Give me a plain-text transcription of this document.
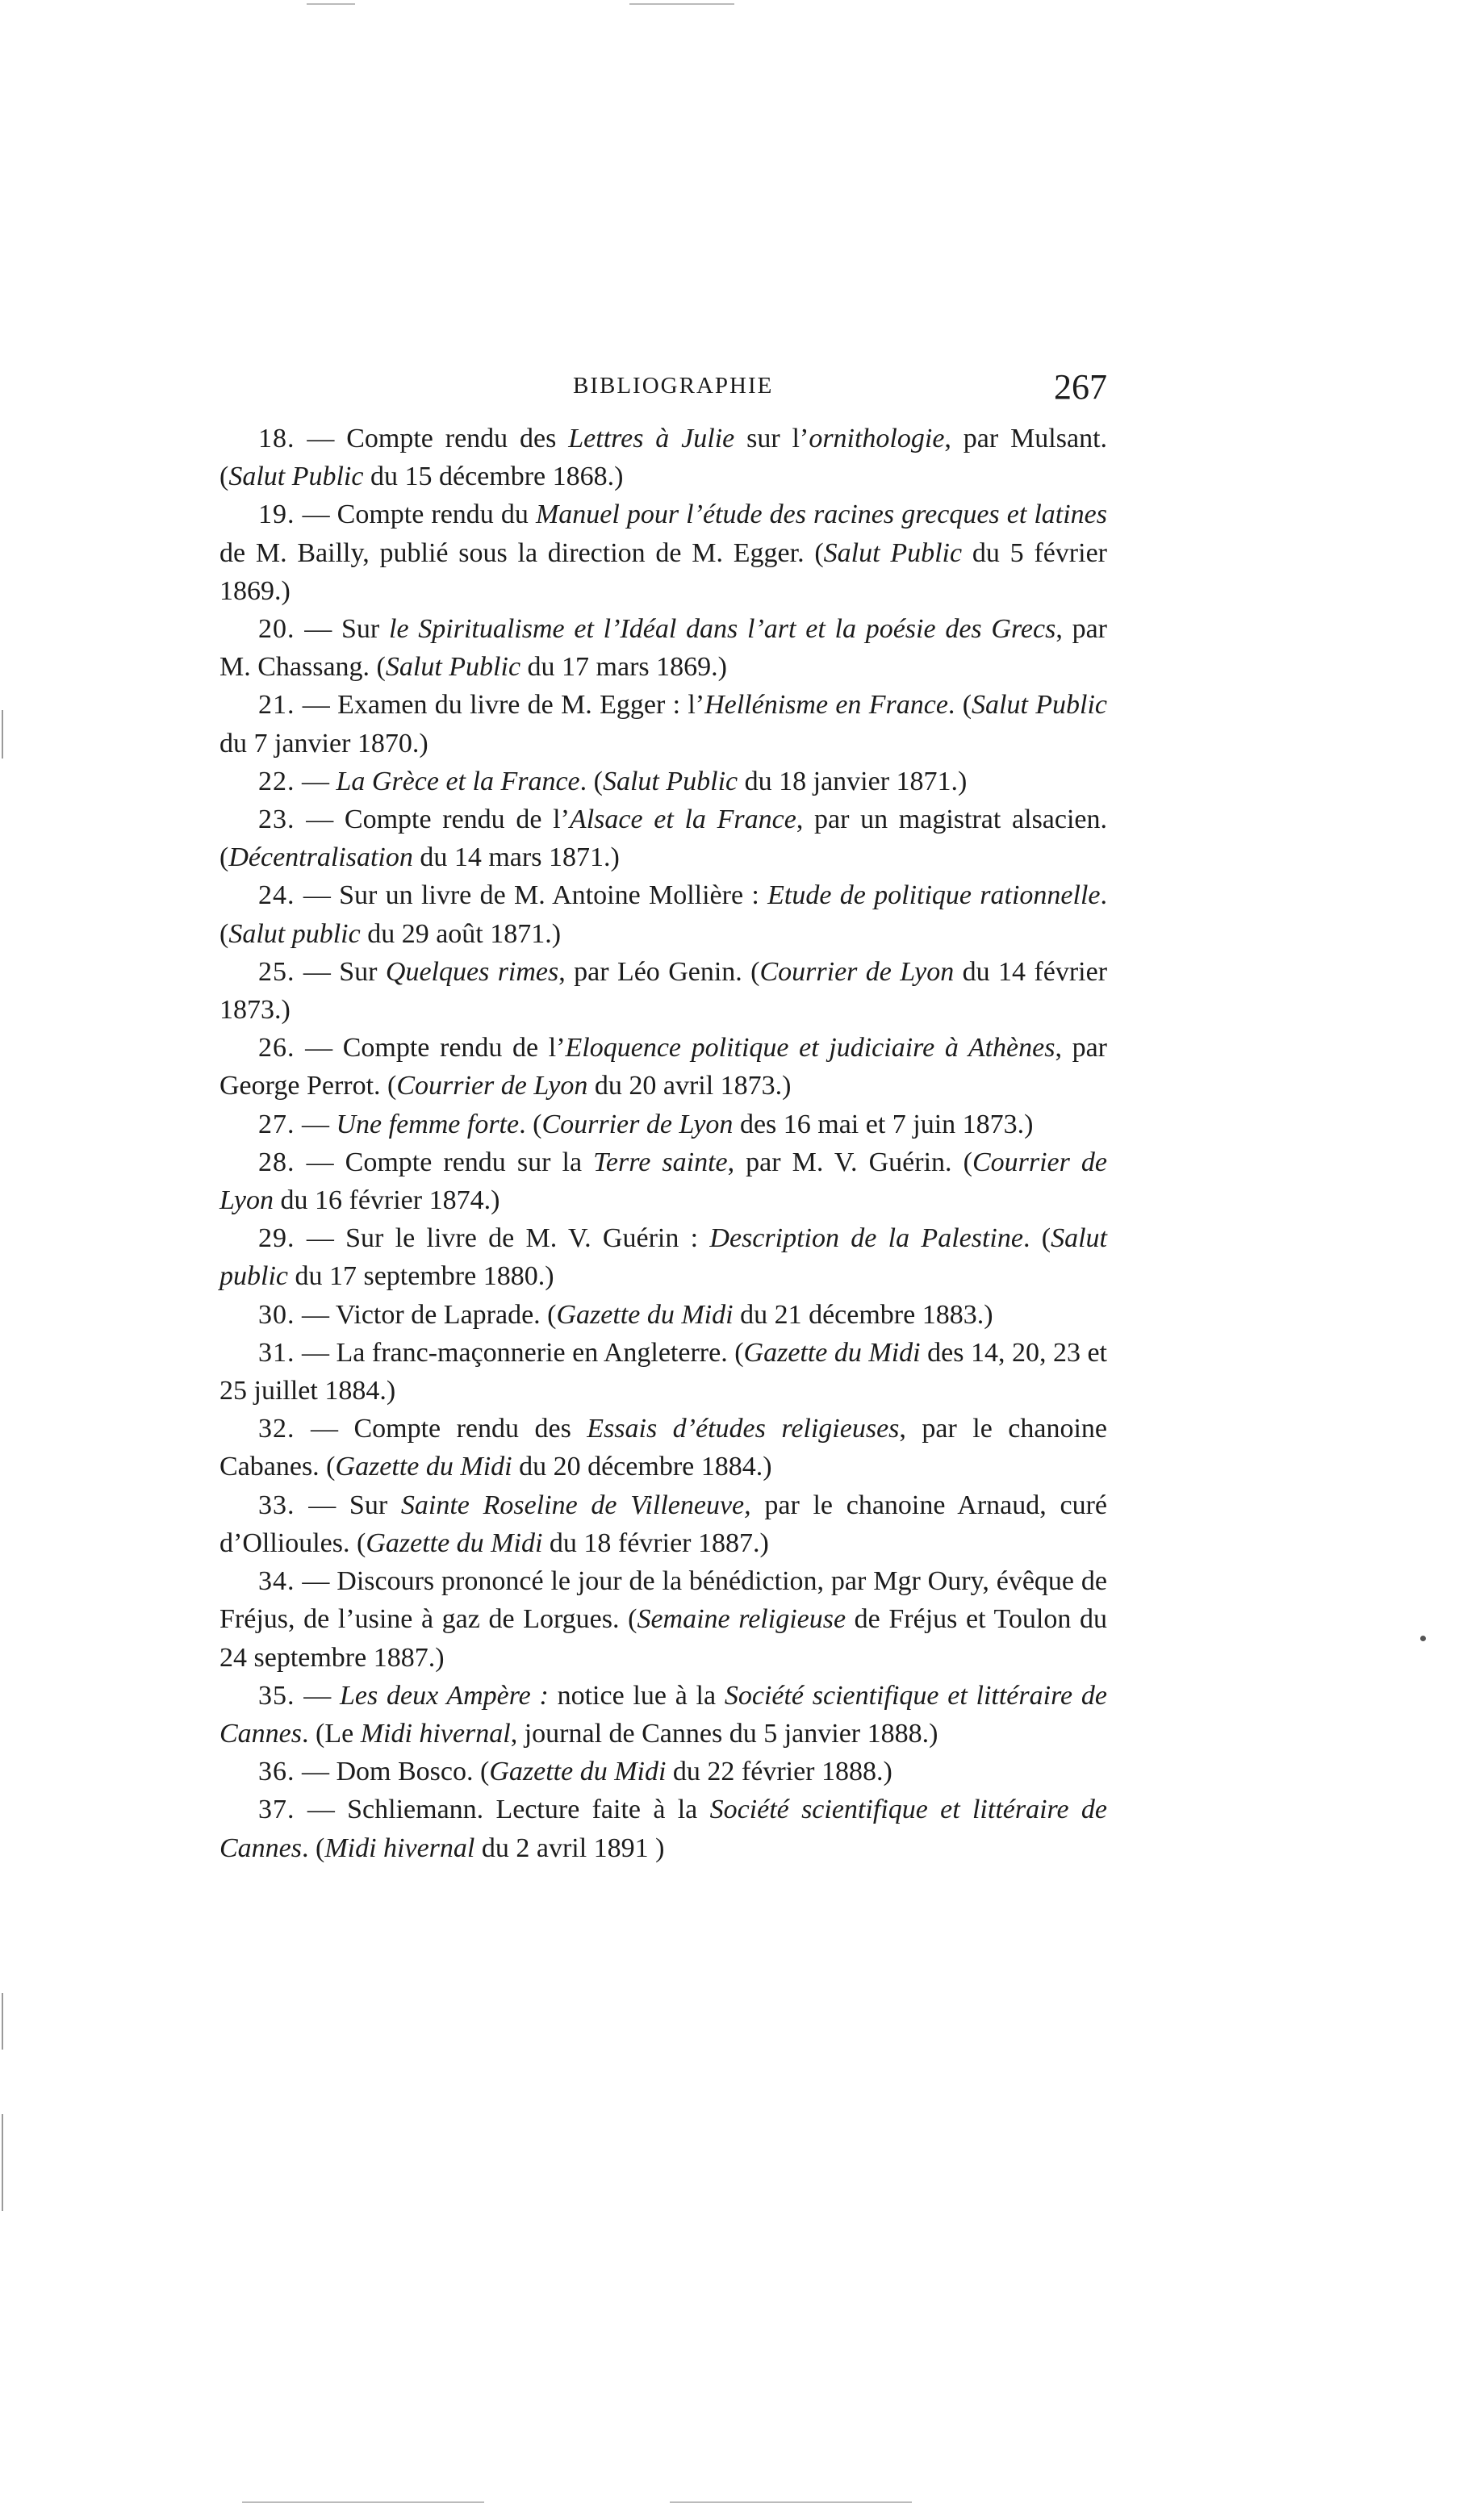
BIBLIOGRAPHIE	267

18. — Compte rendu des Lettres à Julie sur l’ornithologie, par Mulsant. (Salut Public du 15 décembre 1868.)

19. — Compte rendu du Manuel pour l’étude des racines grecques et latines de M. Bailly, publié sous la direction de M. Egger. (Salut Public du 5 février 1869.)

20. — Sur le Spiritualisme et l’Idéal dans l’art et la poésie des Grecs, par M. Chassang. (Salut Public du 17 mars 1869.)

21. — Examen du livre de M. Egger : l’Hellénisme en France. (Salut Public du 7 janvier 1870.)

22. — La Grèce et la France. (Salut Public du 18 janvier 1871.)

23. — Compte rendu de l’Alsace et la France, par un magistrat alsacien. (Décentralisation du 14 mars 1871.)

24. — Sur un livre de M. Antoine Mollière : Etude de politique rationnelle. (Salut public du 29 août 1871.)

25. — Sur Quelques rimes, par Léo Genin. (Courrier de Lyon du 14 février 1873.)

26. — Compte rendu de l’Eloquence politique et judiciaire à Athènes, par George Perrot. (Courrier de Lyon du 20 avril 1873.)

27. — Une femme forte. (Courrier de Lyon des 16 mai et 7 juin 1873.)

28. — Compte rendu sur la Terre sainte, par M. V. Guérin. (Courrier de Lyon du 16 février 1874.)

29. — Sur le livre de M. V. Guérin : Description de la Palestine. (Salut public du 17 septembre 1880.)

30. — Victor de Laprade. (Gazette du Midi du 21 décembre 1883.)

31. — La franc-maçonnerie en Angleterre. (Gazette du Midi des 14, 20, 23 et 25 juillet 1884.)

32. — Compte rendu des Essais d’études religieuses, par le chanoine Cabanes. (Gazette du Midi du 20 décembre 1884.)

33. — Sur Sainte Roseline de Villeneuve, par le chanoine Arnaud, curé d’Ollioules. (Gazette du Midi du 18 février 1887.)

34. — Discours prononcé le jour de la bénédiction, par Mgr Oury, évêque de Fréjus, de l’usine à gaz de Lorgues. (Semaine religieuse de Fréjus et Toulon du 24 septembre 1887.)

35. — Les deux Ampère : notice lue à la Société scientifique et littéraire de Cannes. (Le Midi hivernal, journal de Cannes du 5 janvier 1888.)

36. — Dom Bosco. (Gazette du Midi du 22 février 1888.)

37. — Schliemann. Lecture faite à la Société scientifique et littéraire de Cannes. (Midi hivernal du 2 avril 1891 )
